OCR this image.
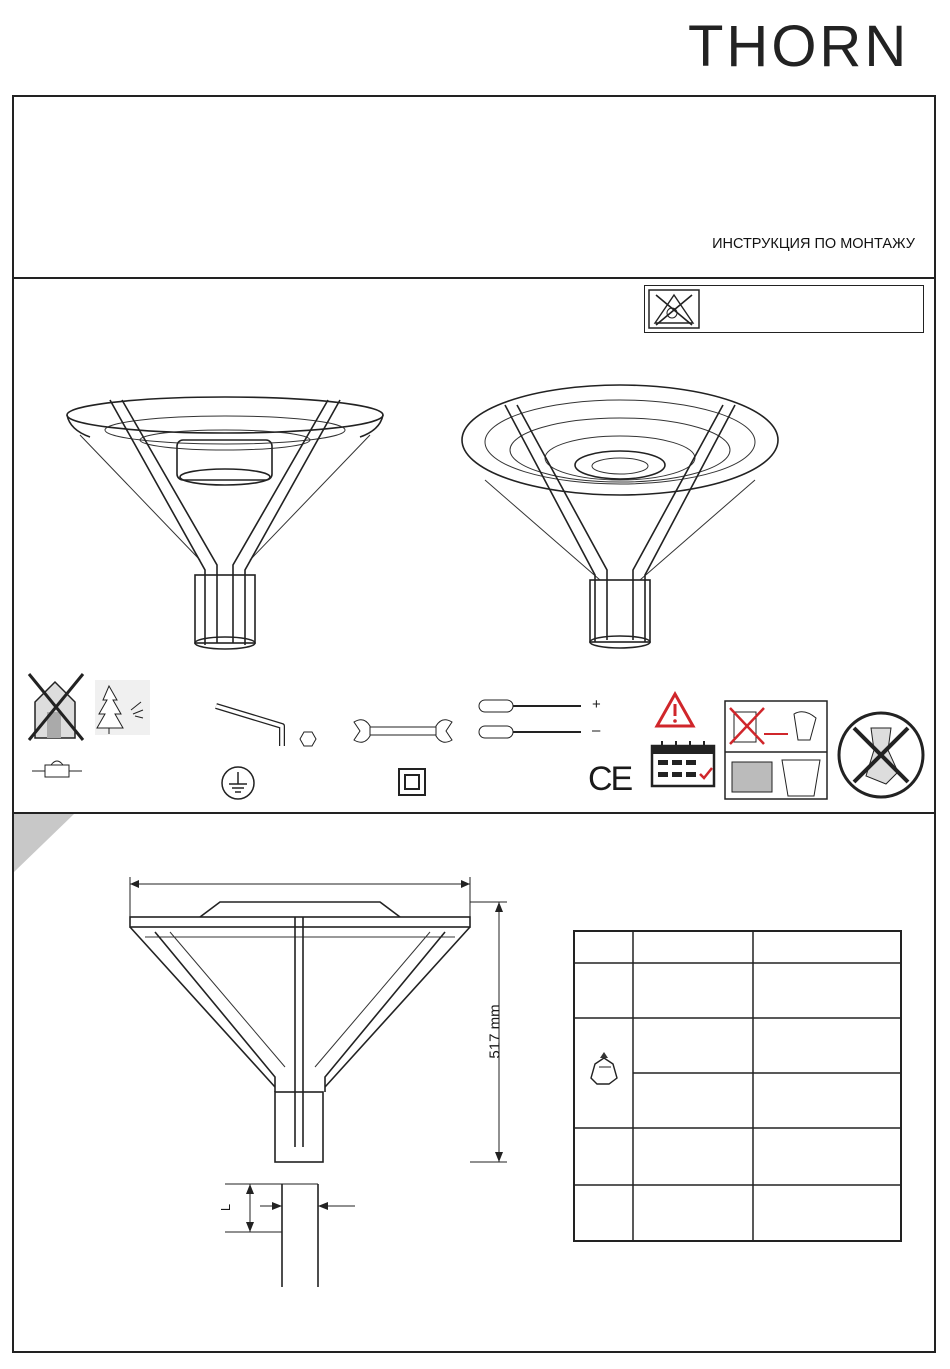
THORN
ИНСТРУКЦИЯ ПО МОНТАЖУ
+
–
CE
517 mm
L
